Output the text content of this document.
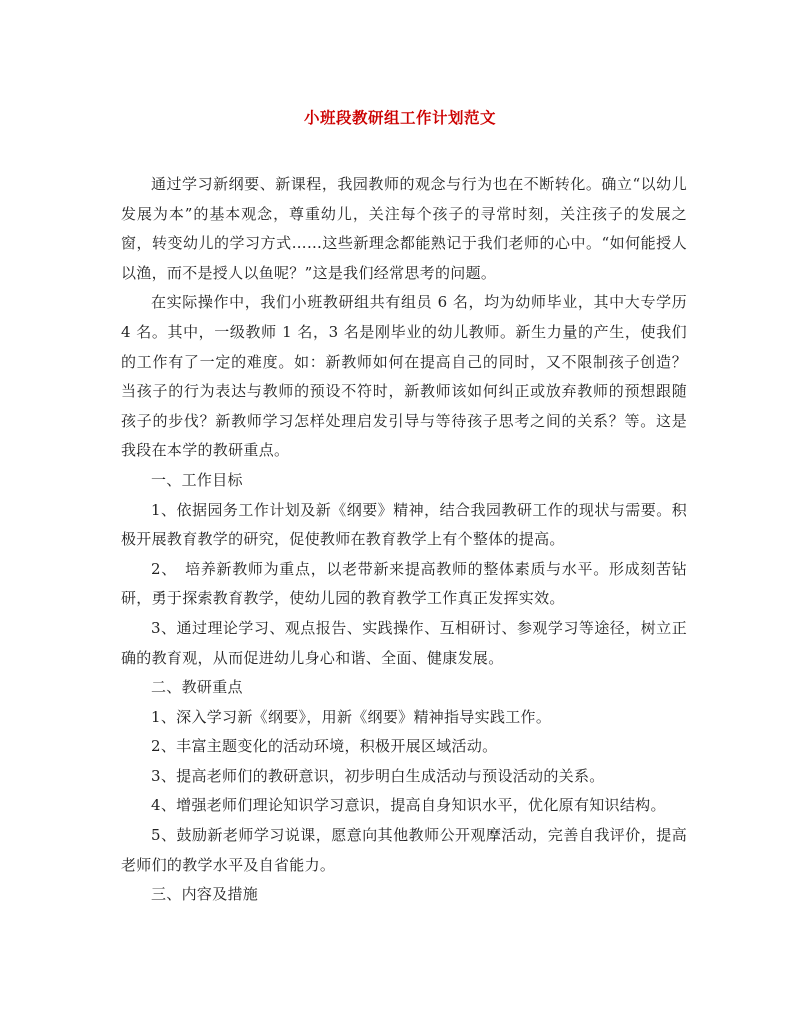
小班段教研组工作计划范文

通过学习新纲要、新课程，我园教师的观念与行为也在不断转化。确立“以幼儿发展为本”的基本观念，尊重幼儿，关注每个孩子的寻常时刻，关注孩子的发展之窗，转变幼儿的学习方式……这些新理念都能熟记于我们老师的心中。“如何能授人以渔，而不是授人以鱼呢？”这是我们经常思考的问题。

在实际操作中，我们小班教研组共有组员 6 名，均为幼师毕业，其中大专学历 4 名。其中，一级教师 1 名，3 名是刚毕业的幼儿教师。新生力量的产生，使我们的工作有了一定的难度。如：新教师如何在提高自己的同时，又不限制孩子创造？当孩子的行为表达与教师的预设不符时，新教师该如何纠正或放弃教师的预想跟随孩子的步伐？新教师学习怎样处理启发引导与等待孩子思考之间的关系？等。这是我段在本学的教研重点。

一、工作目标

1、依据园务工作计划及新《纲要》精神，结合我园教研工作的现状与需要。积极开展教育教学的研究，促使教师在教育教学上有个整体的提高。

2、　培养新教师为重点，以老带新来提高教师的整体素质与水平。形成刻苦钻研，勇于探索教育教学，使幼儿园的教育教学工作真正发挥实效。

3、通过理论学习、观点报告、实践操作、互相研讨、参观学习等途径，树立正确的教育观，从而促进幼儿身心和谐、全面、健康发展。

二、教研重点

1、深入学习新《纲要》，用新《纲要》精神指导实践工作。

2、丰富主题变化的活动环境，积极开展区域活动。

3、提高老师们的教研意识，初步明白生成活动与预设活动的关系。

4、增强老师们理论知识学习意识，提高自身知识水平，优化原有知识结构。

5、鼓励新老师学习说课，愿意向其他教师公开观摩活动，完善自我评价，提高老师们的教学水平及自省能力。

三、内容及措施
